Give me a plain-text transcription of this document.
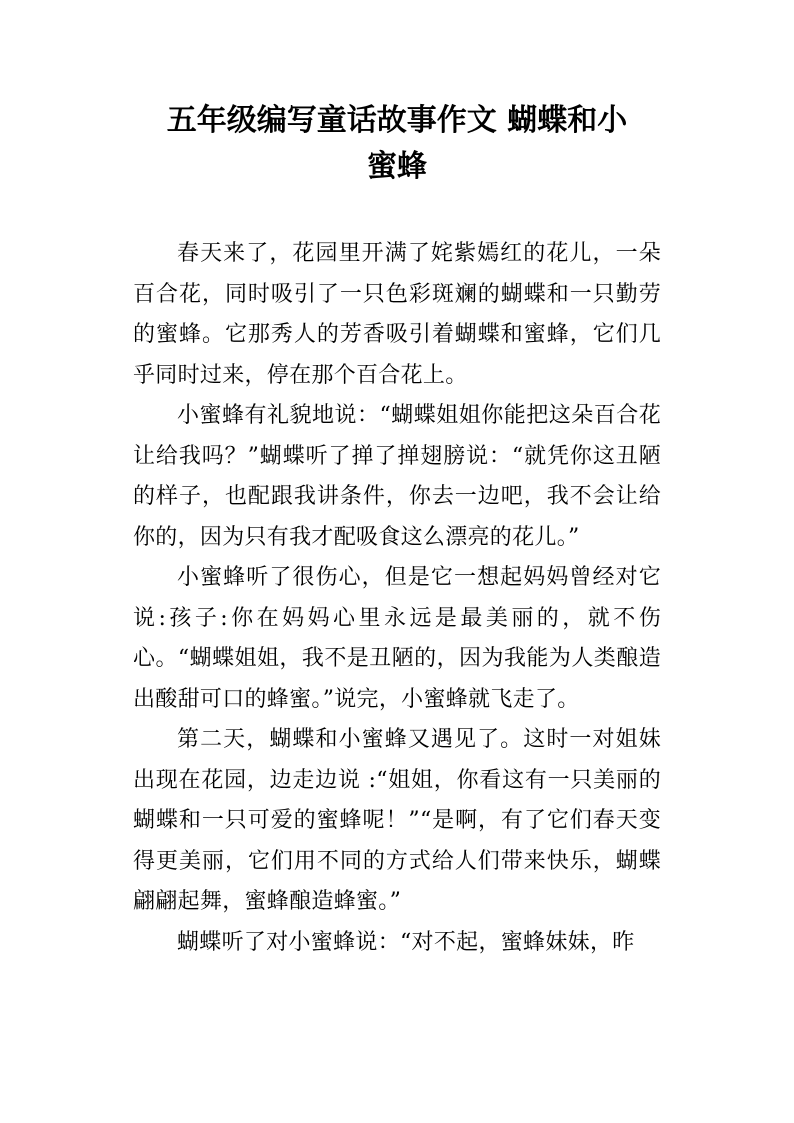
五年级编写童话故事作文 蝴蝶和小
蜜蜂

春天来了，花园里开满了姹紫嫣红的花儿，一朵百合花，同时吸引了一只色彩斑斓的蝴蝶和一只勤劳的蜜蜂。它那秀人的芳香吸引着蝴蝶和蜜蜂，它们几乎同时过来，停在那个百合花上。

小蜜蜂有礼貌地说：“蝴蝶姐姐你能把这朵百合花让给我吗？”蝴蝶听了掸了掸翅膀说：“就凭你这丑陋的样子，也配跟我讲条件，你去一边吧，我不会让给你的，因为只有我才配吸食这么漂亮的花儿。”

小蜜蜂听了很伤心，但是它一想起妈妈曾经对它说:孩子:你在妈妈心里永远是最美丽的，就不伤心。“蝴蝶姐姐，我不是丑陋的，因为我能为人类酿造出酸甜可口的蜂蜜。”说完，小蜜蜂就飞走了。

第二天，蝴蝶和小蜜蜂又遇见了。这时一对姐妹出现在花园，边走边说 :“姐姐，你看这有一只美丽的蝴蝶和一只可爱的蜜蜂呢！”“是啊，有了它们春天变得更美丽，它们用不同的方式给人们带来快乐，蝴蝶翩翩起舞，蜜蜂酿造蜂蜜。”

蝴蝶听了对小蜜蜂说：“对不起，蜜蜂妹妹，昨
